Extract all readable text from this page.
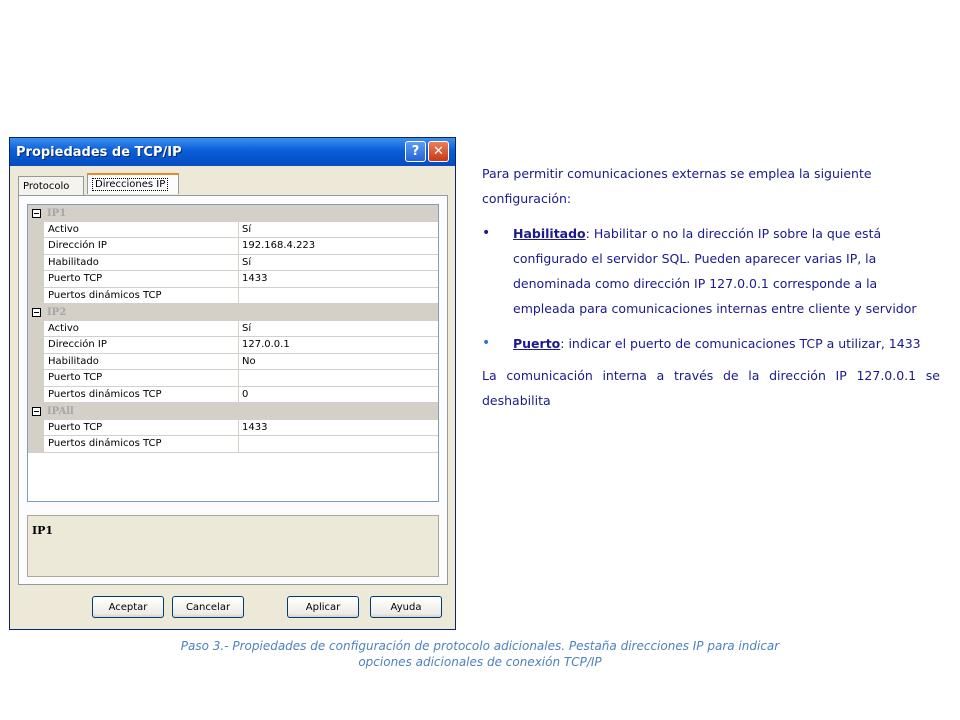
Propiedades de TCP/IP	?	✕
Protocolo	Direcciones IP
IP1
Activo	Sí
Dirección IP	192.168.4.223
Habilitado	Sí
Puerto TCP	1433
Puertos dinámicos TCP
IP2
Activo	Sí
Dirección IP	127.0.0.1
Habilitado	No
Puerto TCP
Puertos dinámicos TCP	0
IPAll
Puerto TCP	1433
Puertos dinámicos TCP
IP1
Aceptar	Cancelar	Aplicar	Ayuda

Para permitir comunicaciones externas se emplea la siguiente configuración:

• Habilitado: Habilitar o no la dirección IP sobre la que está configurado el servidor SQL. Pueden aparecer varias IP, la denominada como dirección IP 127.0.0.1 corresponde a la empleada para comunicaciones internas entre cliente y servidor

• Puerto: indicar el puerto de comunicaciones TCP a utilizar, 1433

La comunicación interna a través de la dirección IP 127.0.0.1 se deshabilita

Paso 3.- Propiedades de configuración de protocolo adicionales. Pestaña direcciones IP para indicar
opciones adicionales de conexión TCP/IP
